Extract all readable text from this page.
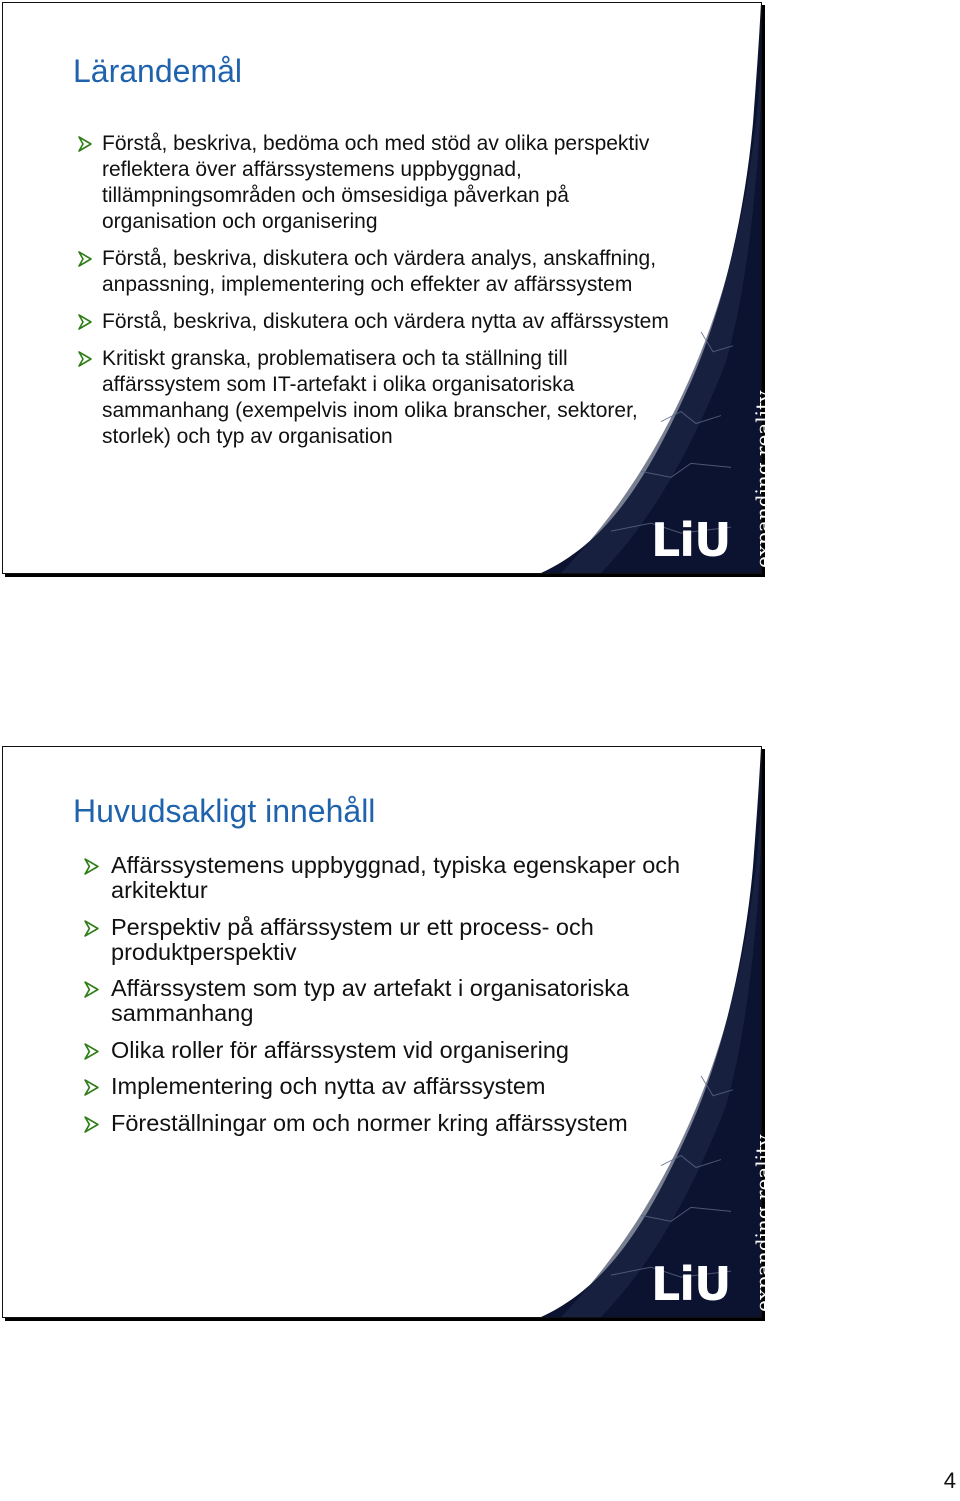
Lärandemål
Förstå, beskriva, bedöma och med stöd av olika perspektiv reflektera över affärssystemens uppbyggnad, tillämpningsområden och ömsesidiga påverkan på organisation och organisering
Förstå, beskriva, diskutera och värdera analys, anskaffning, anpassning, implementering och effekter av affärssystem
Förstå, beskriva, diskutera och värdera nytta av affärssystem
Kritiskt granska, problematisera och ta ställning till affärssystem som IT-artefakt i olika organisatoriska sammanhang (exempelvis inom olika branscher, sektorer, storlek) och typ av organisation
LiU	expanding reality
Huvudsakligt innehåll
Affärssystemens uppbyggnad, typiska egenskaper och arkitektur
Perspektiv på affärssystem ur ett process- och produktperspektiv
Affärssystem som typ av artefakt i organisatoriska sammanhang
Olika roller för affärssystem vid organisering
Implementering och nytta av affärssystem
Föreställningar om och normer kring affärssystem
LiU	expanding reality
4
